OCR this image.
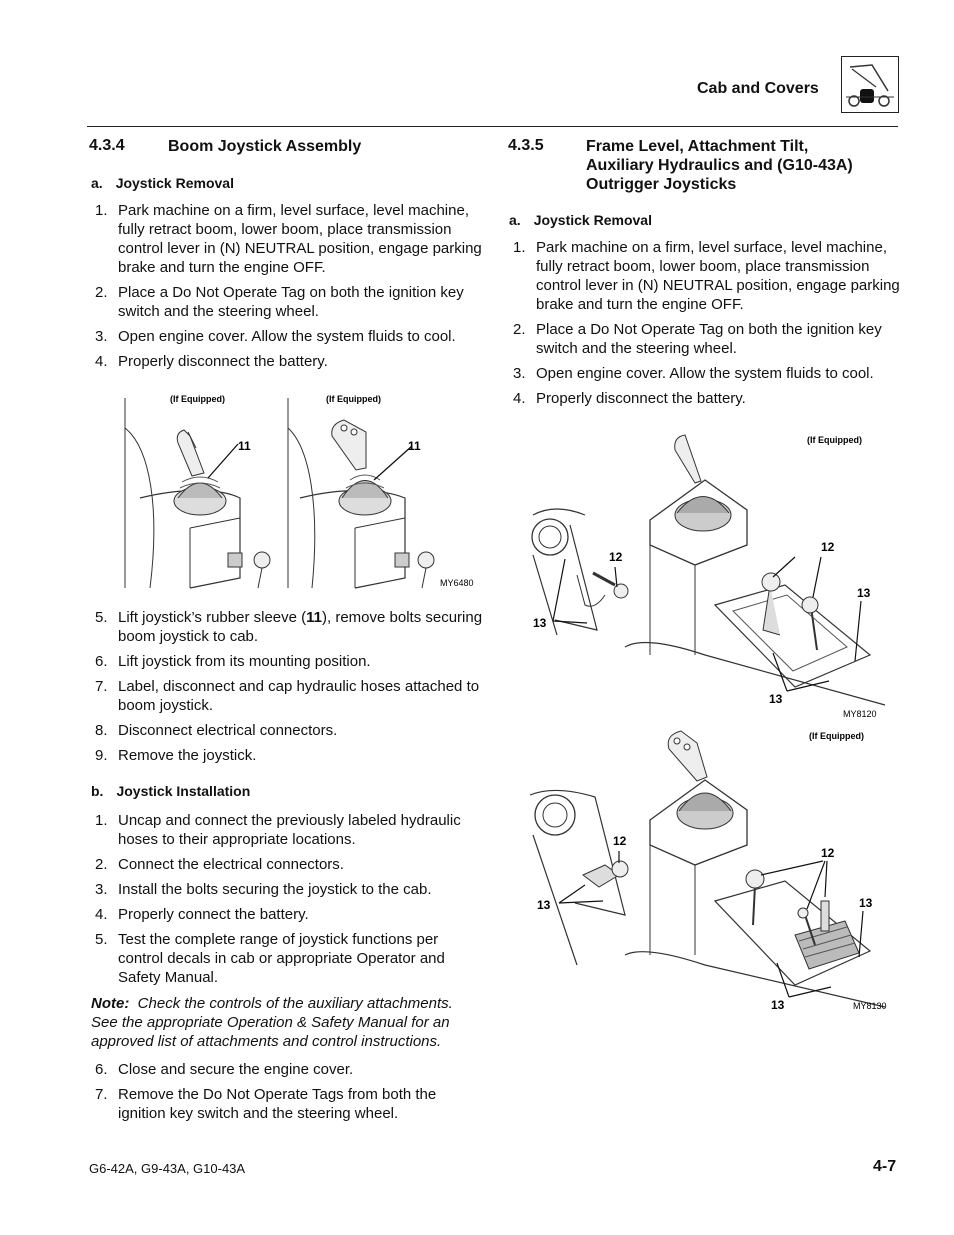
Cab and Covers
4.3.4	Boom Joystick Assembly
a. Joystick Removal
1. Park machine on a firm, level surface, level machine, fully retract boom, lower boom, place transmission control lever in (N) NEUTRAL position, engage parking brake and turn the engine OFF.
2. Place a Do Not Operate Tag on both the ignition key switch and the steering wheel.
3. Open engine cover. Allow the system fluids to cool.
4. Properly disconnect the battery.
(If Equipped)	(If Equipped)
11	11
MY6480
5. Lift joystick’s rubber sleeve (11), remove bolts securing boom joystick to cab.
6. Lift joystick from its mounting position.
7. Label, disconnect and cap hydraulic hoses attached to boom joystick.
8. Disconnect electrical connectors.
9. Remove the joystick.
b. Joystick Installation
1. Uncap and connect the previously labeled hydraulic hoses to their appropriate locations.
2. Connect the electrical connectors.
3. Install the bolts securing the joystick to the cab.
4. Properly connect the battery.
5. Test the complete range of joystick functions per control decals in cab or appropriate Operator and Safety Manual.
Note: Check the controls of the auxiliary attachments. See the appropriate Operation & Safety Manual for an approved list of attachments and control instructions.
6. Close and secure the engine cover.
7. Remove the Do Not Operate Tags from both the ignition key switch and the steering wheel.
4.3.5	Frame Level, Attachment Tilt,
Auxiliary Hydraulics and (G10-43A)
Outrigger Joysticks
a. Joystick Removal
1. Park machine on a firm, level surface, level machine, fully retract boom, lower boom, place transmission control lever in (N) NEUTRAL position, engage parking brake and turn the engine OFF.
2. Place a Do Not Operate Tag on both the ignition key switch and the steering wheel.
3. Open engine cover. Allow the system fluids to cool.
4. Properly disconnect the battery.
(If Equipped)
12
12
13
13
13
MY8120
(If Equipped)
12
12
13	13
13	MY8130
G6-42A, G9-43A, G10-43A	4-7
